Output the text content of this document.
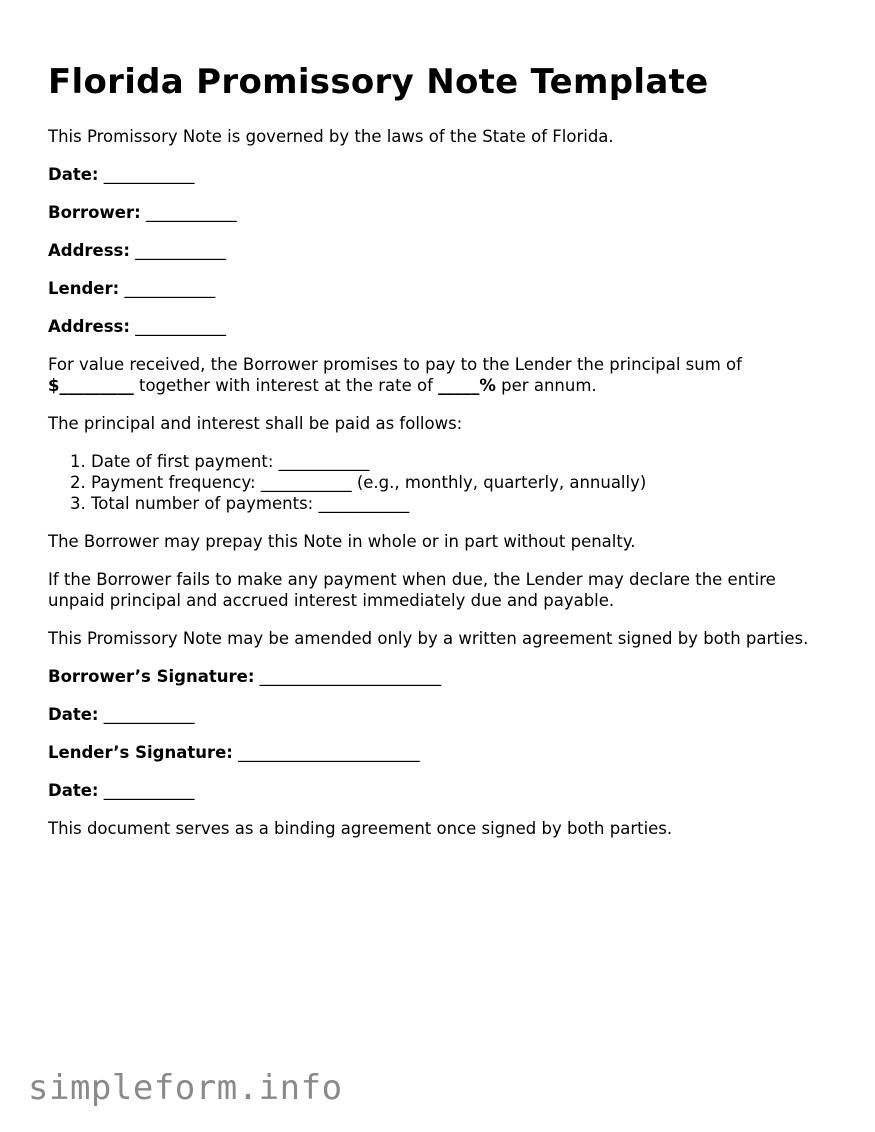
Florida Promissory Note Template

This Promissory Note is governed by the laws of the State of Florida.

Date: ___________

Borrower: ___________

Address: ___________

Lender: ___________

Address: ___________

For value received, the Borrower promises to pay to the Lender the principal sum of $_________ together with interest at the rate of _____% per annum.

The principal and interest shall be paid as follows:

1. Date of first payment: ___________
2. Payment frequency: ___________ (e.g., monthly, quarterly, annually)
3. Total number of payments: ___________

The Borrower may prepay this Note in whole or in part without penalty.

If the Borrower fails to make any payment when due, the Lender may declare the entire unpaid principal and accrued interest immediately due and payable.

This Promissory Note may be amended only by a written agreement signed by both parties.

Borrower’s Signature: ______________________

Date: ___________

Lender’s Signature: ______________________

Date: ___________

This document serves as a binding agreement once signed by both parties.

simpleform.info
